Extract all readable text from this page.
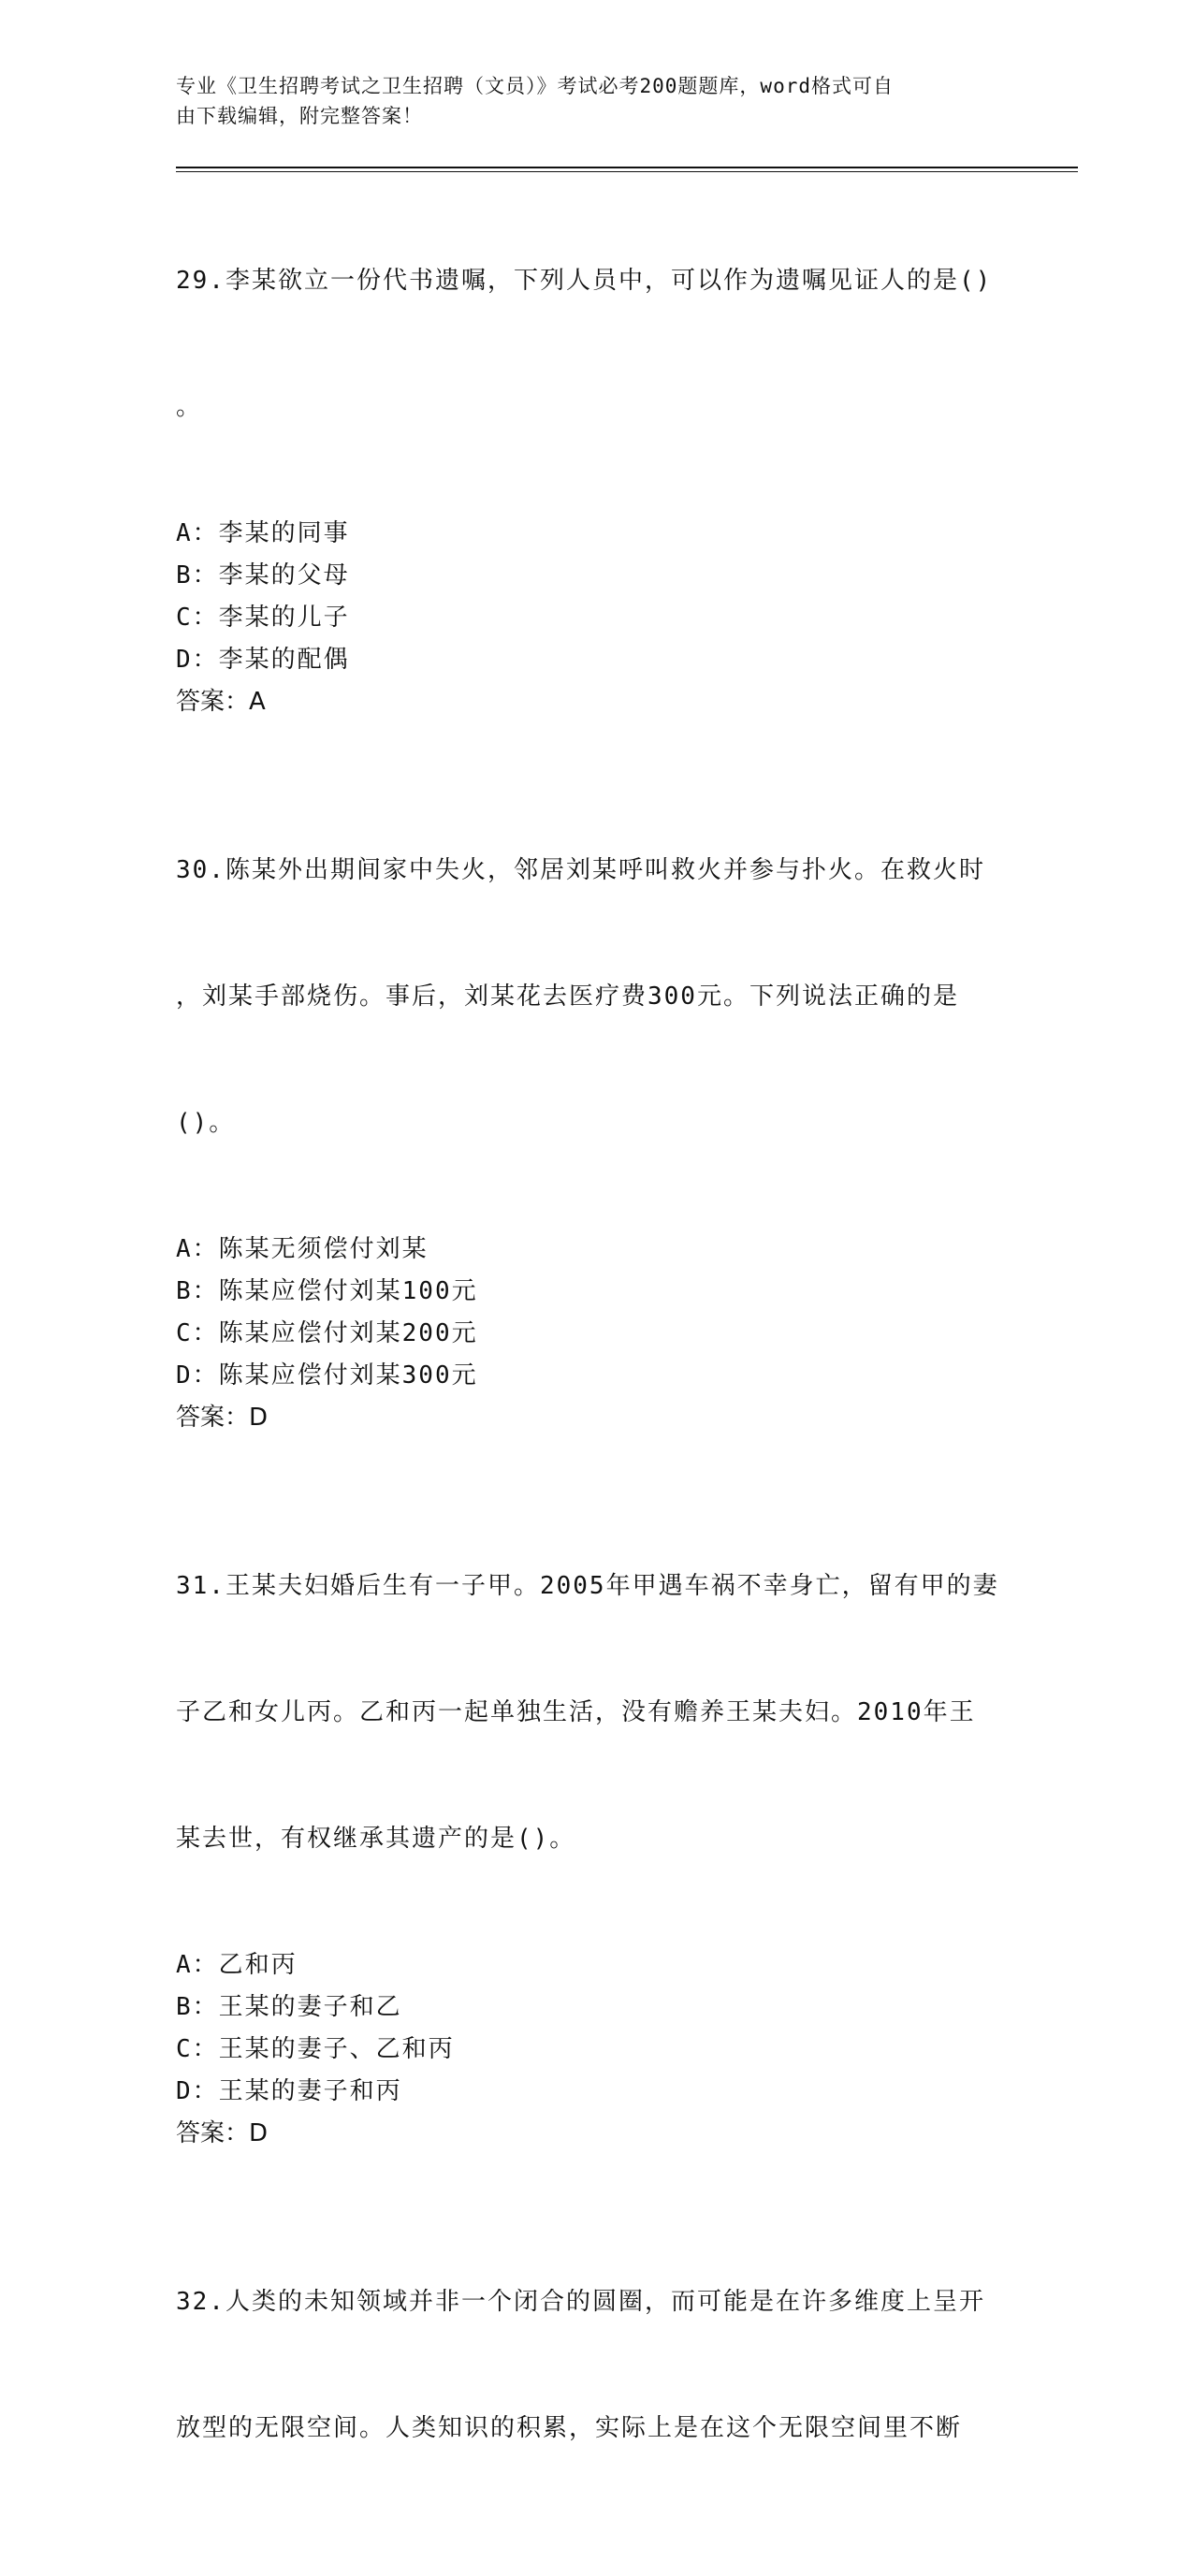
专业《卫生招聘考试之卫生招聘（文员）》考试必考200题题库，word格式可自
由下载编辑，附完整答案！

29.李某欲立一份代书遗嘱，下列人员中，可以作为遗嘱见证人的是()

。

A：李某的同事
B：李某的父母
C：李某的儿子
D：李某的配偶
答案：A

30.陈某外出期间家中失火，邻居刘某呼叫救火并参与扑火。在救火时

，刘某手部烧伤。事后，刘某花去医疗费300元。下列说法正确的是

()。

A：陈某无须偿付刘某
B：陈某应偿付刘某100元
C：陈某应偿付刘某200元
D：陈某应偿付刘某300元
答案：D

31.王某夫妇婚后生有一子甲。2005年甲遇车祸不幸身亡，留有甲的妻

子乙和女儿丙。乙和丙一起单独生活，没有赡养王某夫妇。2010年王

某去世，有权继承其遗产的是()。

A：乙和丙
B：王某的妻子和乙
C：王某的妻子、乙和丙
D：王某的妻子和丙
答案：D

32.人类的未知领域并非一个闭合的圆圈，而可能是在许多维度上呈开

放型的无限空间。人类知识的积累，实际上是在这个无限空间里不断
